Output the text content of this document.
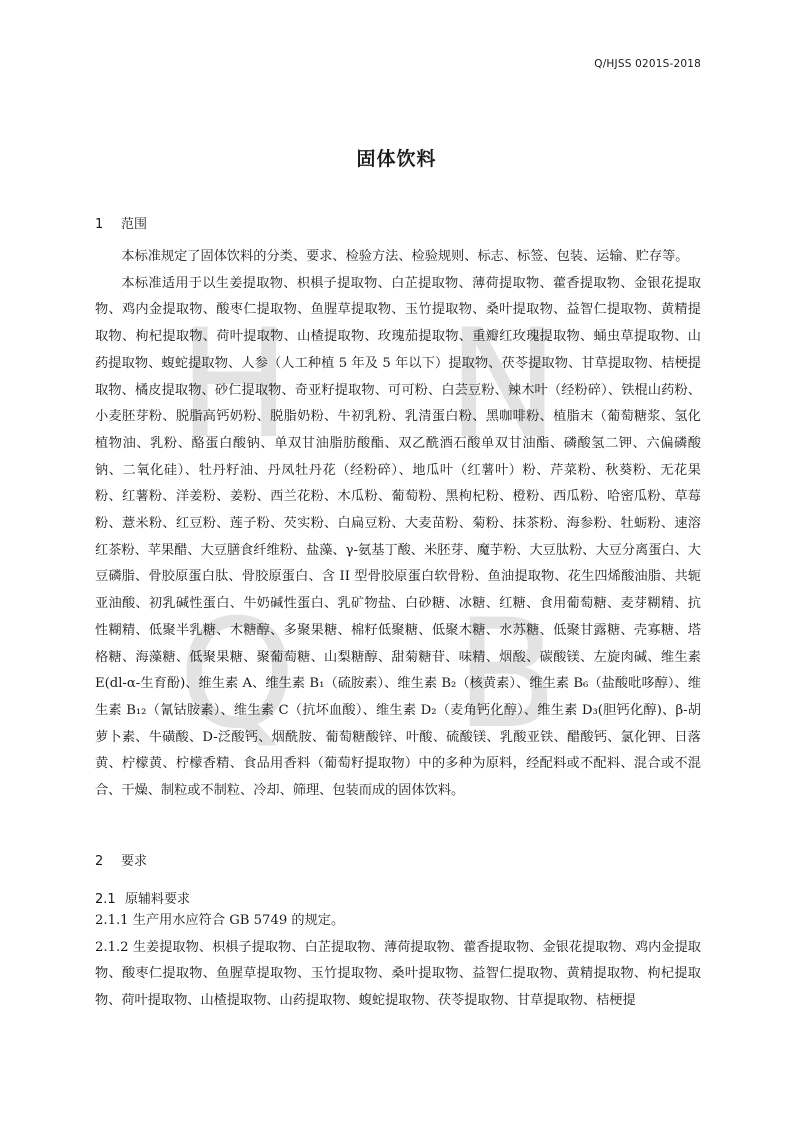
H N
Q B
Q/HJSS 0201S-2018
固体饮料
1 范围

本标准规定了固体饮料的分类、要求、检验方法、检验规则、标志、标签、包装、运输、贮存等。

本标准适用于以生姜提取物、枳椇子提取物、白芷提取物、薄荷提取物、藿香提取物、金银花提取物、鸡内金提取物、酸枣仁提取物、鱼腥草提取物、玉竹提取物、桑叶提取物、益智仁提取物、黄精提取物、枸杞提取物、荷叶提取物、山楂提取物、玫瑰茄提取物、重瓣红玫瑰提取物、蛹虫草提取物、山药提取物、蝮蛇提取物、人参（人工种植 5 年及 5 年以下）提取物、茯苓提取物、甘草提取物、桔梗提取物、橘皮提取物、砂仁提取物、奇亚籽提取物、可可粉、白芸豆粉、辣木叶（经粉碎）、铁棍山药粉、小麦胚芽粉、脱脂高钙奶粉、脱脂奶粉、牛初乳粉、乳清蛋白粉、黑咖啡粉、植脂末（葡萄糖浆、氢化植物油、乳粉、酪蛋白酸钠、单双甘油脂肪酸酯、双乙酰酒石酸单双甘油酯、磷酸氢二钾、六偏磷酸钠、二氧化硅）、牡丹籽油、丹凤牡丹花（经粉碎）、地瓜叶（红薯叶）粉、芹菜粉、秋葵粉、无花果粉、红薯粉、洋姜粉、姜粉、西兰花粉、木瓜粉、葡萄粉、黑枸杞粉、橙粉、西瓜粉、哈密瓜粉、草莓粉、薏米粉、红豆粉、莲子粉、芡实粉、白扁豆粉、大麦苗粉、菊粉、抹茶粉、海参粉、牡蛎粉、速溶红茶粉、苹果醋、大豆膳食纤维粉、盐藻、γ-氨基丁酸、米胚芽、魔芋粉、大豆肽粉、大豆分离蛋白、大豆磷脂、骨胶原蛋白肽、骨胶原蛋白、含 II 型骨胶原蛋白软骨粉、鱼油提取物、花生四烯酸油脂、共轭亚油酸、初乳碱性蛋白、牛奶碱性蛋白、乳矿物盐、白砂糖、冰糖、红糖、食用葡萄糖、麦芽糊精、抗性糊精、低聚半乳糖、木糖醇、多聚果糖、棉籽低聚糖、低聚木糖、水苏糖、低聚甘露糖、壳寡糖、塔格糖、海藻糖、低聚果糖、聚葡萄糖、山梨糖醇、甜菊糖苷、味精、烟酸、碳酸镁、左旋肉碱、维生素 E(dl-α-生育酚)、维生素 A、维生素 B₁（硫胺素）、维生素 B₂（核黄素）、维生素 B₆（盐酸吡哆醇）、维生素 B₁₂（氰钴胺素）、维生素 C（抗坏血酸）、维生素 D₂（麦角钙化醇）、维生素 D₃(胆钙化醇)、β-胡萝卜素、牛磺酸、D-泛酸钙、烟酰胺、葡萄糖酸锌、叶酸、硫酸镁、乳酸亚铁、醋酸钙、氯化钾、日落黄、柠檬黄、柠檬香精、食品用香料（葡萄籽提取物）中的多种为原料，经配料或不配料、混合或不混合、干燥、制粒或不制粒、冷却、筛理、包装而成的固体饮料。

2 要求
2.1 原辅料要求

2.1.1 生产用水应符合 GB 5749 的规定。

2.1.2 生姜提取物、枳椇子提取物、白芷提取物、薄荷提取物、藿香提取物、金银花提取物、鸡内金提取物、酸枣仁提取物、鱼腥草提取物、玉竹提取物、桑叶提取物、益智仁提取物、黄精提取物、枸杞提取物、荷叶提取物、山楂提取物、山药提取物、蝮蛇提取物、茯苓提取物、甘草提取物、桔梗提
